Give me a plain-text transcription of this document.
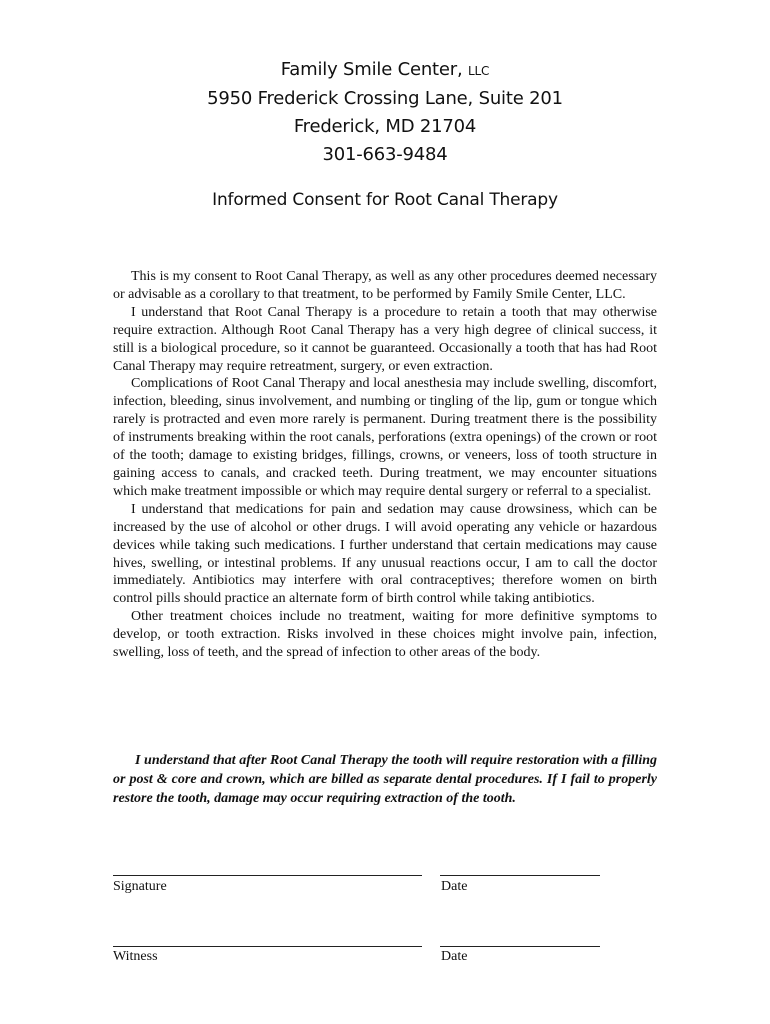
Family Smile Center, LLC
5950 Frederick Crossing Lane, Suite 201
Frederick, MD 21704
301-663-9484
Informed Consent for Root Canal Therapy

This is my consent to Root Canal Therapy, as well as any other procedures deemed necessary or advisable as a corollary to that treatment, to be performed by Family Smile Center, LLC.

I understand that Root Canal Therapy is a procedure to retain a tooth that may otherwise require extraction. Although Root Canal Therapy has a very high degree of clinical success, it still is a biological procedure, so it cannot be guaranteed. Occasionally a tooth that has had Root Canal Therapy may require retreatment, surgery, or even extraction.

Complications of Root Canal Therapy and local anesthesia may include swelling, discomfort, infection, bleeding, sinus involvement, and numbing or tingling of the lip, gum or tongue which rarely is protracted and even more rarely is permanent. During treatment there is the possibility of instruments breaking within the root canals, perforations (extra openings) of the crown or root of the tooth; damage to existing bridges, fillings, crowns, or veneers, loss of tooth structure in gaining access to canals, and cracked teeth. During treatment, we may encounter situations which make treatment impossible or which may require dental surgery or referral to a specialist.

I understand that medications for pain and sedation may cause drowsiness, which can be increased by the use of alcohol or other drugs. I will avoid operating any vehicle or hazardous devices while taking such medications. I further understand that certain medications may cause hives, swelling, or intestinal problems. If any unusual reactions occur, I am to call the doctor immediately. Antibiotics may interfere with oral contraceptives; therefore women on birth control pills should practice an alternate form of birth control while taking antibiotics.

Other treatment choices include no treatment, waiting for more definitive symptoms to develop, or tooth extraction. Risks involved in these choices might involve pain, infection, swelling, loss of teeth, and the spread of infection to other areas of the body.

I understand that after Root Canal Therapy the tooth will require restoration with a filling or post & core and crown, which are billed as separate dental procedures. If I fail to properly restore the tooth, damage may occur requiring extraction of the tooth.

Signature	Date
Witness	Date
